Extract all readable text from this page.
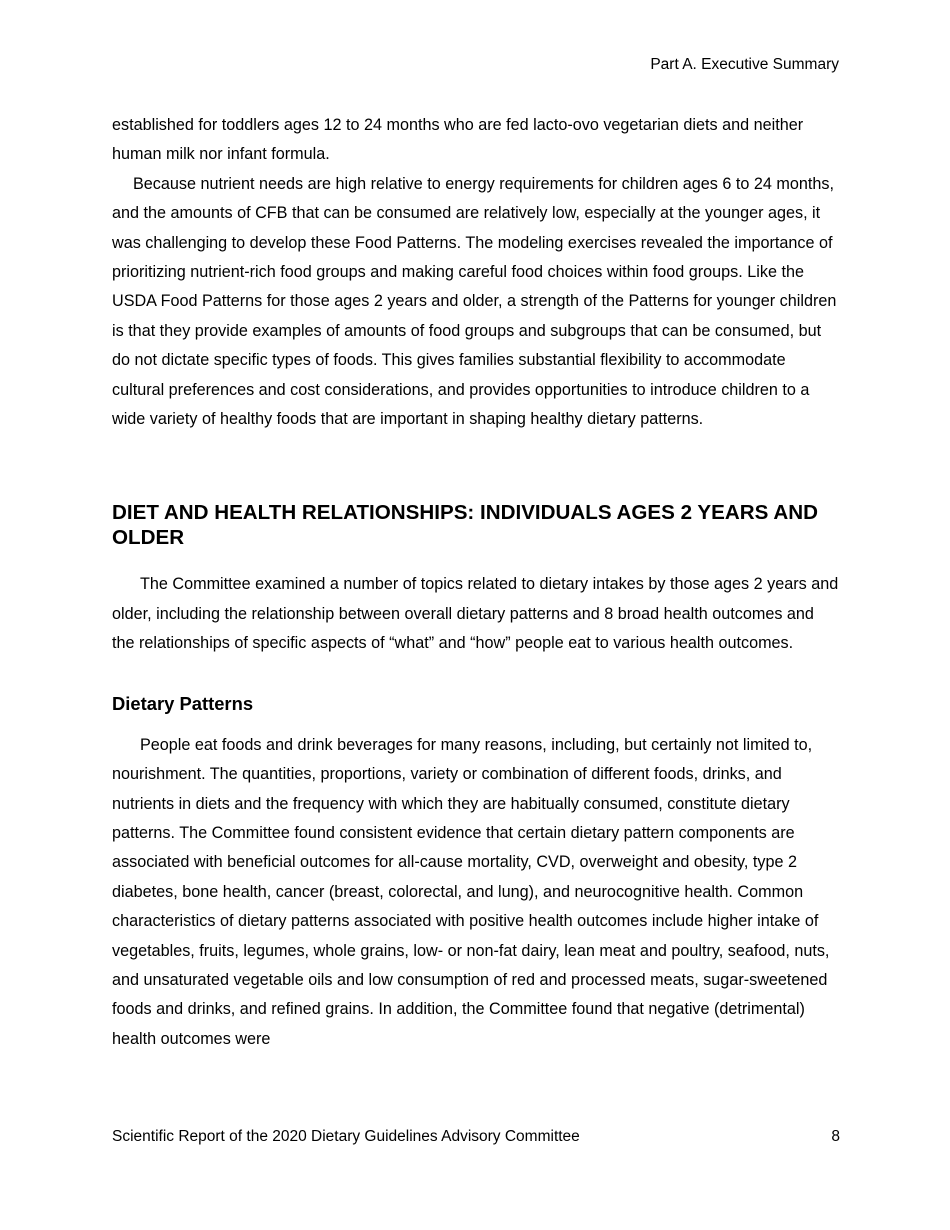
Part A. Executive Summary

established for toddlers ages 12 to 24 months who are fed lacto-ovo vegetarian diets and neither human milk nor infant formula.

Because nutrient needs are high relative to energy requirements for children ages 6 to 24 months, and the amounts of CFB that can be consumed are relatively low, especially at the younger ages, it was challenging to develop these Food Patterns. The modeling exercises revealed the importance of prioritizing nutrient-rich food groups and making careful food choices within food groups. Like the USDA Food Patterns for those ages 2 years and older, a strength of the Patterns for younger children is that they provide examples of amounts of food groups and subgroups that can be consumed, but do not dictate specific types of foods. This gives families substantial flexibility to accommodate cultural preferences and cost considerations, and provides opportunities to introduce children to a wide variety of healthy foods that are important in shaping healthy dietary patterns.

DIET AND HEALTH RELATIONSHIPS: INDIVIDUALS AGES 2 YEARS AND OLDER

The Committee examined a number of topics related to dietary intakes by those ages 2 years and older, including the relationship between overall dietary patterns and 8 broad health outcomes and the relationships of specific aspects of “what” and “how” people eat to various health outcomes.

Dietary Patterns

People eat foods and drink beverages for many reasons, including, but certainly not limited to, nourishment. The quantities, proportions, variety or combination of different foods, drinks, and nutrients in diets and the frequency with which they are habitually consumed, constitute dietary patterns. The Committee found consistent evidence that certain dietary pattern components are associated with beneficial outcomes for all-cause mortality, CVD, overweight and obesity, type 2 diabetes, bone health, cancer (breast, colorectal, and lung), and neurocognitive health. Common characteristics of dietary patterns associated with positive health outcomes include higher intake of vegetables, fruits, legumes, whole grains, low- or non-fat dairy, lean meat and poultry, seafood, nuts, and unsaturated vegetable oils and low consumption of red and processed meats, sugar-sweetened foods and drinks, and refined grains. In addition, the Committee found that negative (detrimental) health outcomes were

Scientific Report of the 2020 Dietary Guidelines Advisory Committee	8
